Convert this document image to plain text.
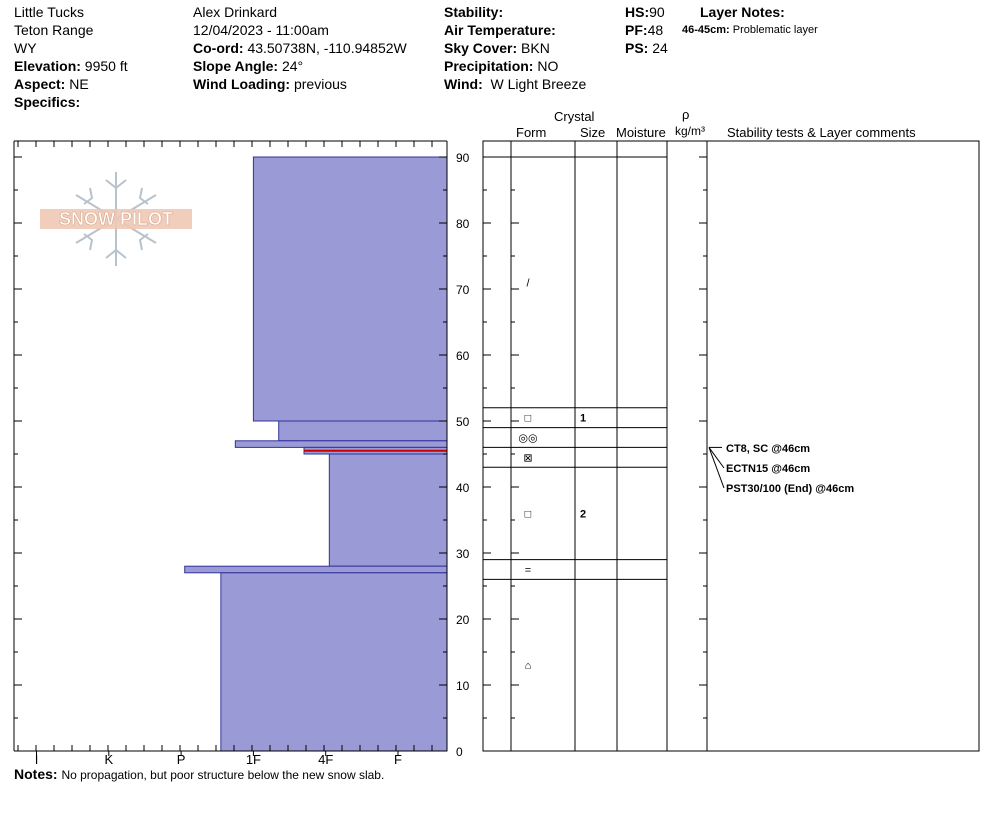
Little Tucks
Teton Range
WY
Elevation: 9950 ft
Aspect: NE
Specifics:
Alex Drinkard
12/04/2023 - 11:00am
Co-ord: 43.50738N, -110.94852W
Slope Angle: 24°
Wind Loading: previous
Stability:
Air Temperature:
Sky Cover: BKN
Precipitation: NO
Wind: W Light Breeze
HS:90
PF:48
PS: 24
Layer Notes:
46-45cm: Problematic layer
Crystal
Form	Size Moisture
ρ
kg/m³ Stability tests & Layer comments
SNOW PILOT
0
10
20
30
40
50
60
70
80
90
I	K	P	1F	4F	F
/
□	1
◎◎
⊠
□	2
=
⌂
CT8, SC @46cm
ECTN15 @46cm
PST30/100 (End) @46cm
Notes: No propagation, but poor structure below the new snow slab.
